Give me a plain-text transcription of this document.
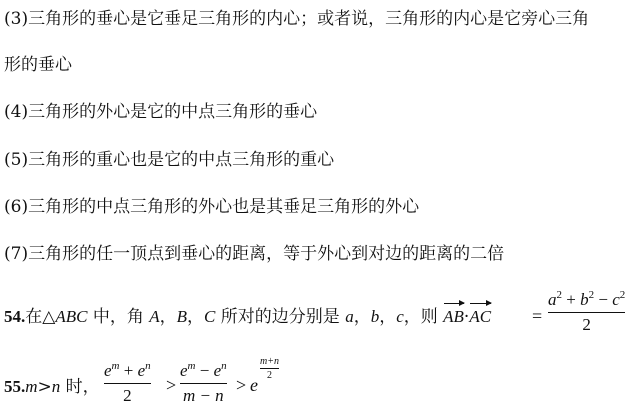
(3)三角形的垂心是它垂足三角形的内心；或者说，三角形的内心是它旁心三角
形的垂心
(4)三角形的外心是它的中点三角形的垂心
(5)三角形的重心也是它的中点三角形的重心
(6)三角形的中点三角形的外心也是其垂足三角形的外心
(7)三角形的任一顶点到垂心的距离，等于外心到对边的距离的二倍
54.在△ABC 中，角 A，B，C 所对的边分别是 a，b，c，则 AB·AC =
$a^2 + b^2 - c^2$
2
55.m>n 时，
$e^m + e^n$
2
>
$e^m - e^n$
m − n
> e
m+n
2
